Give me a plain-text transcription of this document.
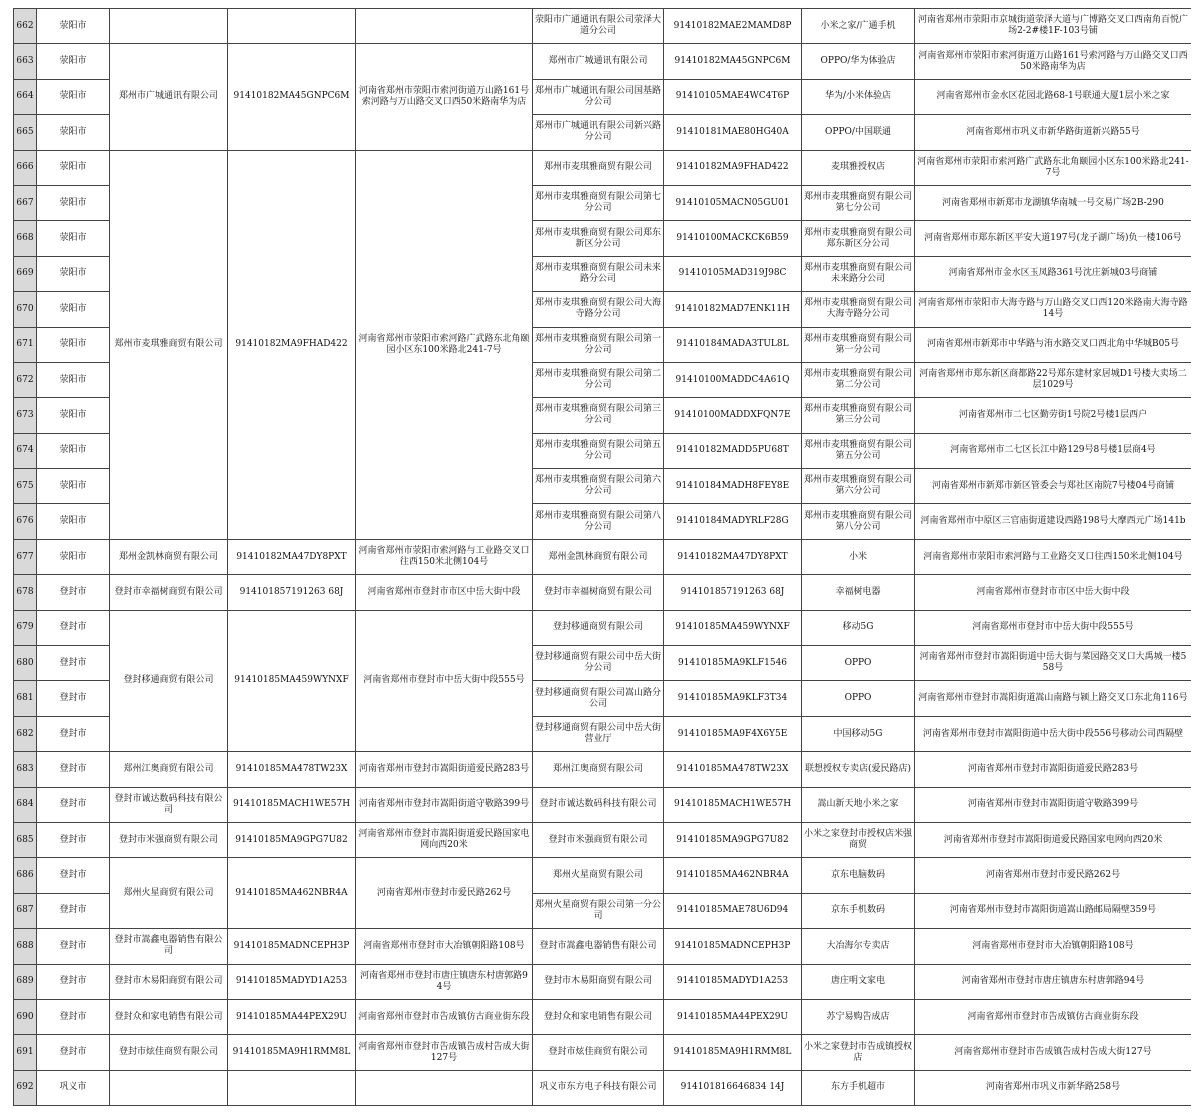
662	荥阳市				荥阳市广通通讯有限公司荥泽大道分公司	91410182MAE2MAMD8P	小米之家/广通手机	河南省郑州市荥阳市京城街道荥泽大道与广博路交叉口西南角百悦广场2-2#楼1F-103号铺
663	荥阳市	郑州市广城通讯有限公司	91410182MA45GNPC6M	河南省郑州市荥阳市索河街道万山路161号索河路与万山路交叉口西50米路南华为店	郑州市广城通讯有限公司	91410182MA45GNPC6M	OPPO/华为体验店	河南省郑州市荥阳市索河街道万山路161号索河路与万山路交叉口西50米路南华为店
664	荥阳市				郑州市广城通讯有限公司国基路分公司	91410105MAE4WC4T6P	华为/小米体验店	河南省郑州市金水区花园北路68-1号联通大厦1层小米之家
665	荥阳市				郑州市广城通讯有限公司新兴路分公司	91410181MAE80HG40A	OPPO/中国联通	河南省郑州市巩义市新华路街道新兴路55号
666	荥阳市	郑州市麦琪雅商贸有限公司	91410182MA9FHAD422	河南省郑州市荥阳市索河路广武路东北角颐园小区东100米路北241-7号	郑州市麦琪雅商贸有限公司	91410182MA9FHAD422	麦琪雅授权店	河南省郑州市荥阳市索河路广武路东北角颐园小区东100米路北241-7号
667	荥阳市				郑州市麦琪雅商贸有限公司第七分公司	91410105MACN05GU01	郑州市麦琪雅商贸有限公司第七分公司	河南省郑州市新郑市龙湖镇华南城一号交易广场2B-290
668	荥阳市				郑州市麦琪雅商贸有限公司郑东新区分公司	91410100MACKCK6B59	郑州市麦琪雅商贸有限公司郑东新区分公司	河南省郑州市郑东新区平安大道197号(龙子湖广场)负一楼106号
669	荥阳市				郑州市麦琪雅商贸有限公司未来路分公司	91410105MAD319J98C	郑州市麦琪雅商贸有限公司未来路分公司	河南省郑州市金水区玉凤路361号沈庄新城03号商铺
670	荥阳市				郑州市麦琪雅商贸有限公司大海寺路分公司	91410182MAD7ENK11H	郑州市麦琪雅商贸有限公司大海寺路分公司	河南省郑州市荥阳市大海寺路与万山路交叉口西120米路南大海寺路14号
671	荥阳市				郑州市麦琪雅商贸有限公司第一分公司	91410184MADA3TUL8L	郑州市麦琪雅商贸有限公司第一分公司	河南省郑州市新郑市中华路与洧水路交叉口西北角中华城B05号
672	荥阳市				郑州市麦琪雅商贸有限公司第二分公司	91410100MADDC4A61Q	郑州市麦琪雅商贸有限公司第二分公司	河南省郑州市郑东新区商都路22号郑东建材家居城D1号楼大卖场二层1029号
673	荥阳市				郑州市麦琪雅商贸有限公司第三分公司	91410100MADDXFQN7E	郑州市麦琪雅商贸有限公司第三分公司	河南省郑州市二七区勤劳街1号院2号楼1层西户
674	荥阳市				郑州市麦琪雅商贸有限公司第五分公司	91410182MADD5PU68T	郑州市麦琪雅商贸有限公司第五分公司	河南省郑州市二七区长江中路129号8号楼1层商4号
675	荥阳市				郑州市麦琪雅商贸有限公司第六分公司	91410184MADH8FEY8E	郑州市麦琪雅商贸有限公司第六分公司	河南省郑州市新郑市新区管委会与郑社区南院7号楼04号商铺
676	荥阳市				郑州市麦琪雅商贸有限公司第八分公司	91410184MADYRLF28G	郑州市麦琪雅商贸有限公司第八分公司	河南省郑州市中原区三官庙街道建设西路198号大摩西元广场141b
677	荥阳市	郑州金凯林商贸有限公司	91410182MA47DY8PXT	河南省郑州市荥阳市索河路与工业路交叉口往西150米北侧104号	郑州金凯林商贸有限公司	91410182MA47DY8PXT	小米	河南省郑州市荥阳市索河路与工业路交叉口往西150米北侧104号
678	登封市	登封市幸福树商贸有限公司	914101857191263 68J	河南省郑州市登封市市区中岳大街中段	登封市幸福树商贸有限公司	914101857191263 68J	幸福树电器	河南省郑州市登封市市区中岳大街中段
679	登封市	登封移通商贸有限公司	91410185MA459WYNXF	河南省郑州市登封市中岳大街中段555号	登封移通商贸有限公司	91410185MA459WYNXF	移动5G	河南省郑州市登封市中岳大街中段555号
680	登封市				登封移通商贸有限公司中岳大街分公司	91410185MA9KLF1546	OPPO	河南省郑州市登封市嵩阳街道中岳大街与菜园路交叉口大禹城一楼558号
681	登封市				登封移通商贸有限公司嵩山路分公司	91410185MA9KLF3T34	OPPO	河南省郑州市登封市嵩阳街道嵩山南路与颍上路交叉口东北角116号
682	登封市				登封移通商贸有限公司中岳大街营业厅	91410185MA9F4X6Y5E	中国移动5G	河南省郑州市登封市嵩阳街道中岳大街中段556号移动公司西隔壁
683	登封市	郑州江奥商贸有限公司	91410185MA478TW23X	河南省郑州市登封市嵩阳街道爱民路283号	郑州江奥商贸有限公司	91410185MA478TW23X	联想授权专卖店(爱民路店)	河南省郑州市登封市嵩阳街道爱民路283号
684	登封市	登封市诚达数码科技有限公司	91410185MACH1WE57H	河南省郑州市登封市嵩阳街道守敬路399号	登封市诚达数码科技有限公司	91410185MACH1WE57H	嵩山新天地小米之家	河南省郑州市登封市嵩阳街道守敬路399号
685	登封市	登封市米强商贸有限公司	91410185MA9GPG7U82	河南省郑州市登封市嵩阳街道爱民路国家电网向西20米	登封市米强商贸有限公司	91410185MA9GPG7U82	小米之家登封市授权店米强商贸	河南省郑州市登封市嵩阳街道爱民路国家电网向西20米
686	登封市	郑州火星商贸有限公司	91410185MA462NBR4A	河南省郑州市登封市爱民路262号	郑州火星商贸有限公司	91410185MA462NBR4A	京东电脑数码	河南省郑州市登封市爱民路262号
687	登封市				郑州火星商贸有限公司第一分公司	91410185MAE78U6D94	京东手机数码	河南省郑州市登封市嵩阳街道嵩山路邮局隔壁359号
688	登封市	登封市嵩鑫电器销售有限公司	91410185MADNCEPH3P	河南省郑州市登封市大冶镇朝阳路108号	登封市嵩鑫电器销售有限公司	91410185MADNCEPH3P	大冶海尔专卖店	河南省郑州市登封市大冶镇朝阳路108号
689	登封市	登封市木易阳商贸有限公司	91410185MADYD1A253	河南省郑州市登封市唐庄镇唐东村唐郭路94号	登封市木易阳商贸有限公司	91410185MADYD1A253	唐庄明文家电	河南省郑州市登封市唐庄镇唐东村唐郭路94号
690	登封市	登封众和家电销售有限公司	91410185MA44PEX29U	河南省郑州市登封市告成镇仿古商业街东段	登封众和家电销售有限公司	91410185MA44PEX29U	苏宁易购告成店	河南省郑州市登封市告成镇仿古商业街东段
691	登封市	登封市炫佳商贸有限公司	91410185MA9H1RMM8L	河南省郑州市登封市告成镇告成村告成大街127号	登封市炫佳商贸有限公司	91410185MA9H1RMM8L	小米之家登封市告成镇授权店	河南省郑州市登封市告成镇告成村告成大街127号
692	巩义市				巩义市东方电子科技有限公司	914101816646834 14J	东方手机超市	河南省郑州市巩义市新华路258号
